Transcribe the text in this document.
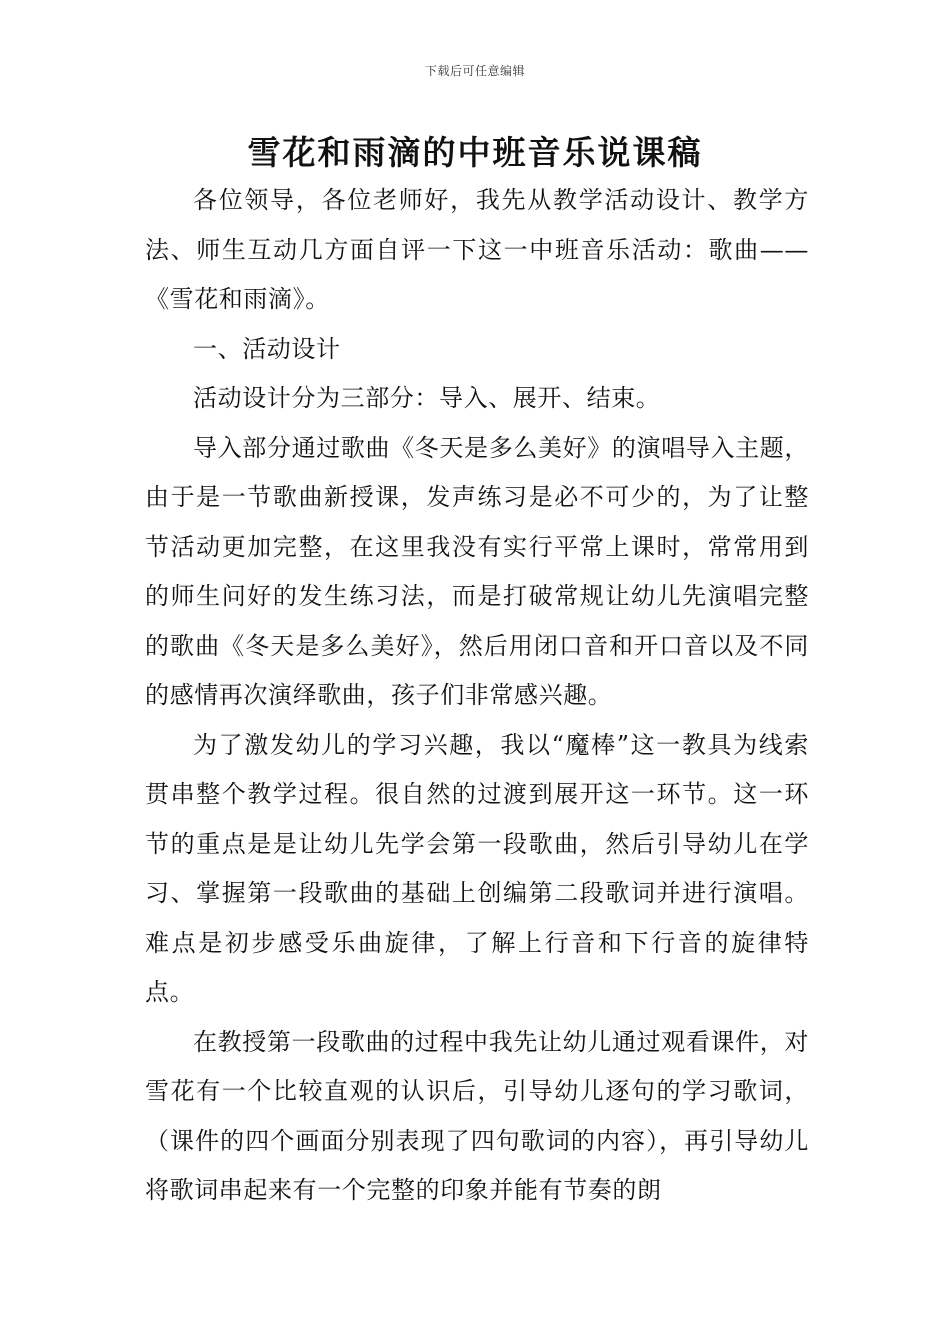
下载后可任意编辑
雪花和雨滴的中班音乐说课稿

各位领导，各位老师好，我先从教学活动设计、教学方法、师生互动几方面自评一下这一中班音乐活动：歌曲——《雪花和雨滴》。

一、活动设计

活动设计分为三部分：导入、展开、结束。

导入部分通过歌曲《冬天是多么美好》的演唱导入主题，由于是一节歌曲新授课，发声练习是必不可少的，为了让整节活动更加完整，在这里我没有实行平常上课时，常常用到的师生问好的发生练习法，而是打破常规让幼儿先演唱完整的歌曲《冬天是多么美好》，然后用闭口音和开口音以及不同的感情再次演绎歌曲，孩子们非常感兴趣。

为了激发幼儿的学习兴趣，我以“魔棒”这一教具为线索贯串整个教学过程。很自然的过渡到展开这一环节。这一环节的重点是是让幼儿先学会第一段歌曲，然后引导幼儿在学习、掌握第一段歌曲的基础上创编第二段歌词并进行演唱。难点是初步感受乐曲旋律，了解上行音和下行音的旋律特点。

在教授第一段歌曲的过程中我先让幼儿通过观看课件，对雪花有一个比较直观的认识后，引导幼儿逐句的学习歌词，（课件的四个画面分别表现了四句歌词的内容），再引导幼儿将歌词串起来有一个完整的印象并能有节奏的朗
